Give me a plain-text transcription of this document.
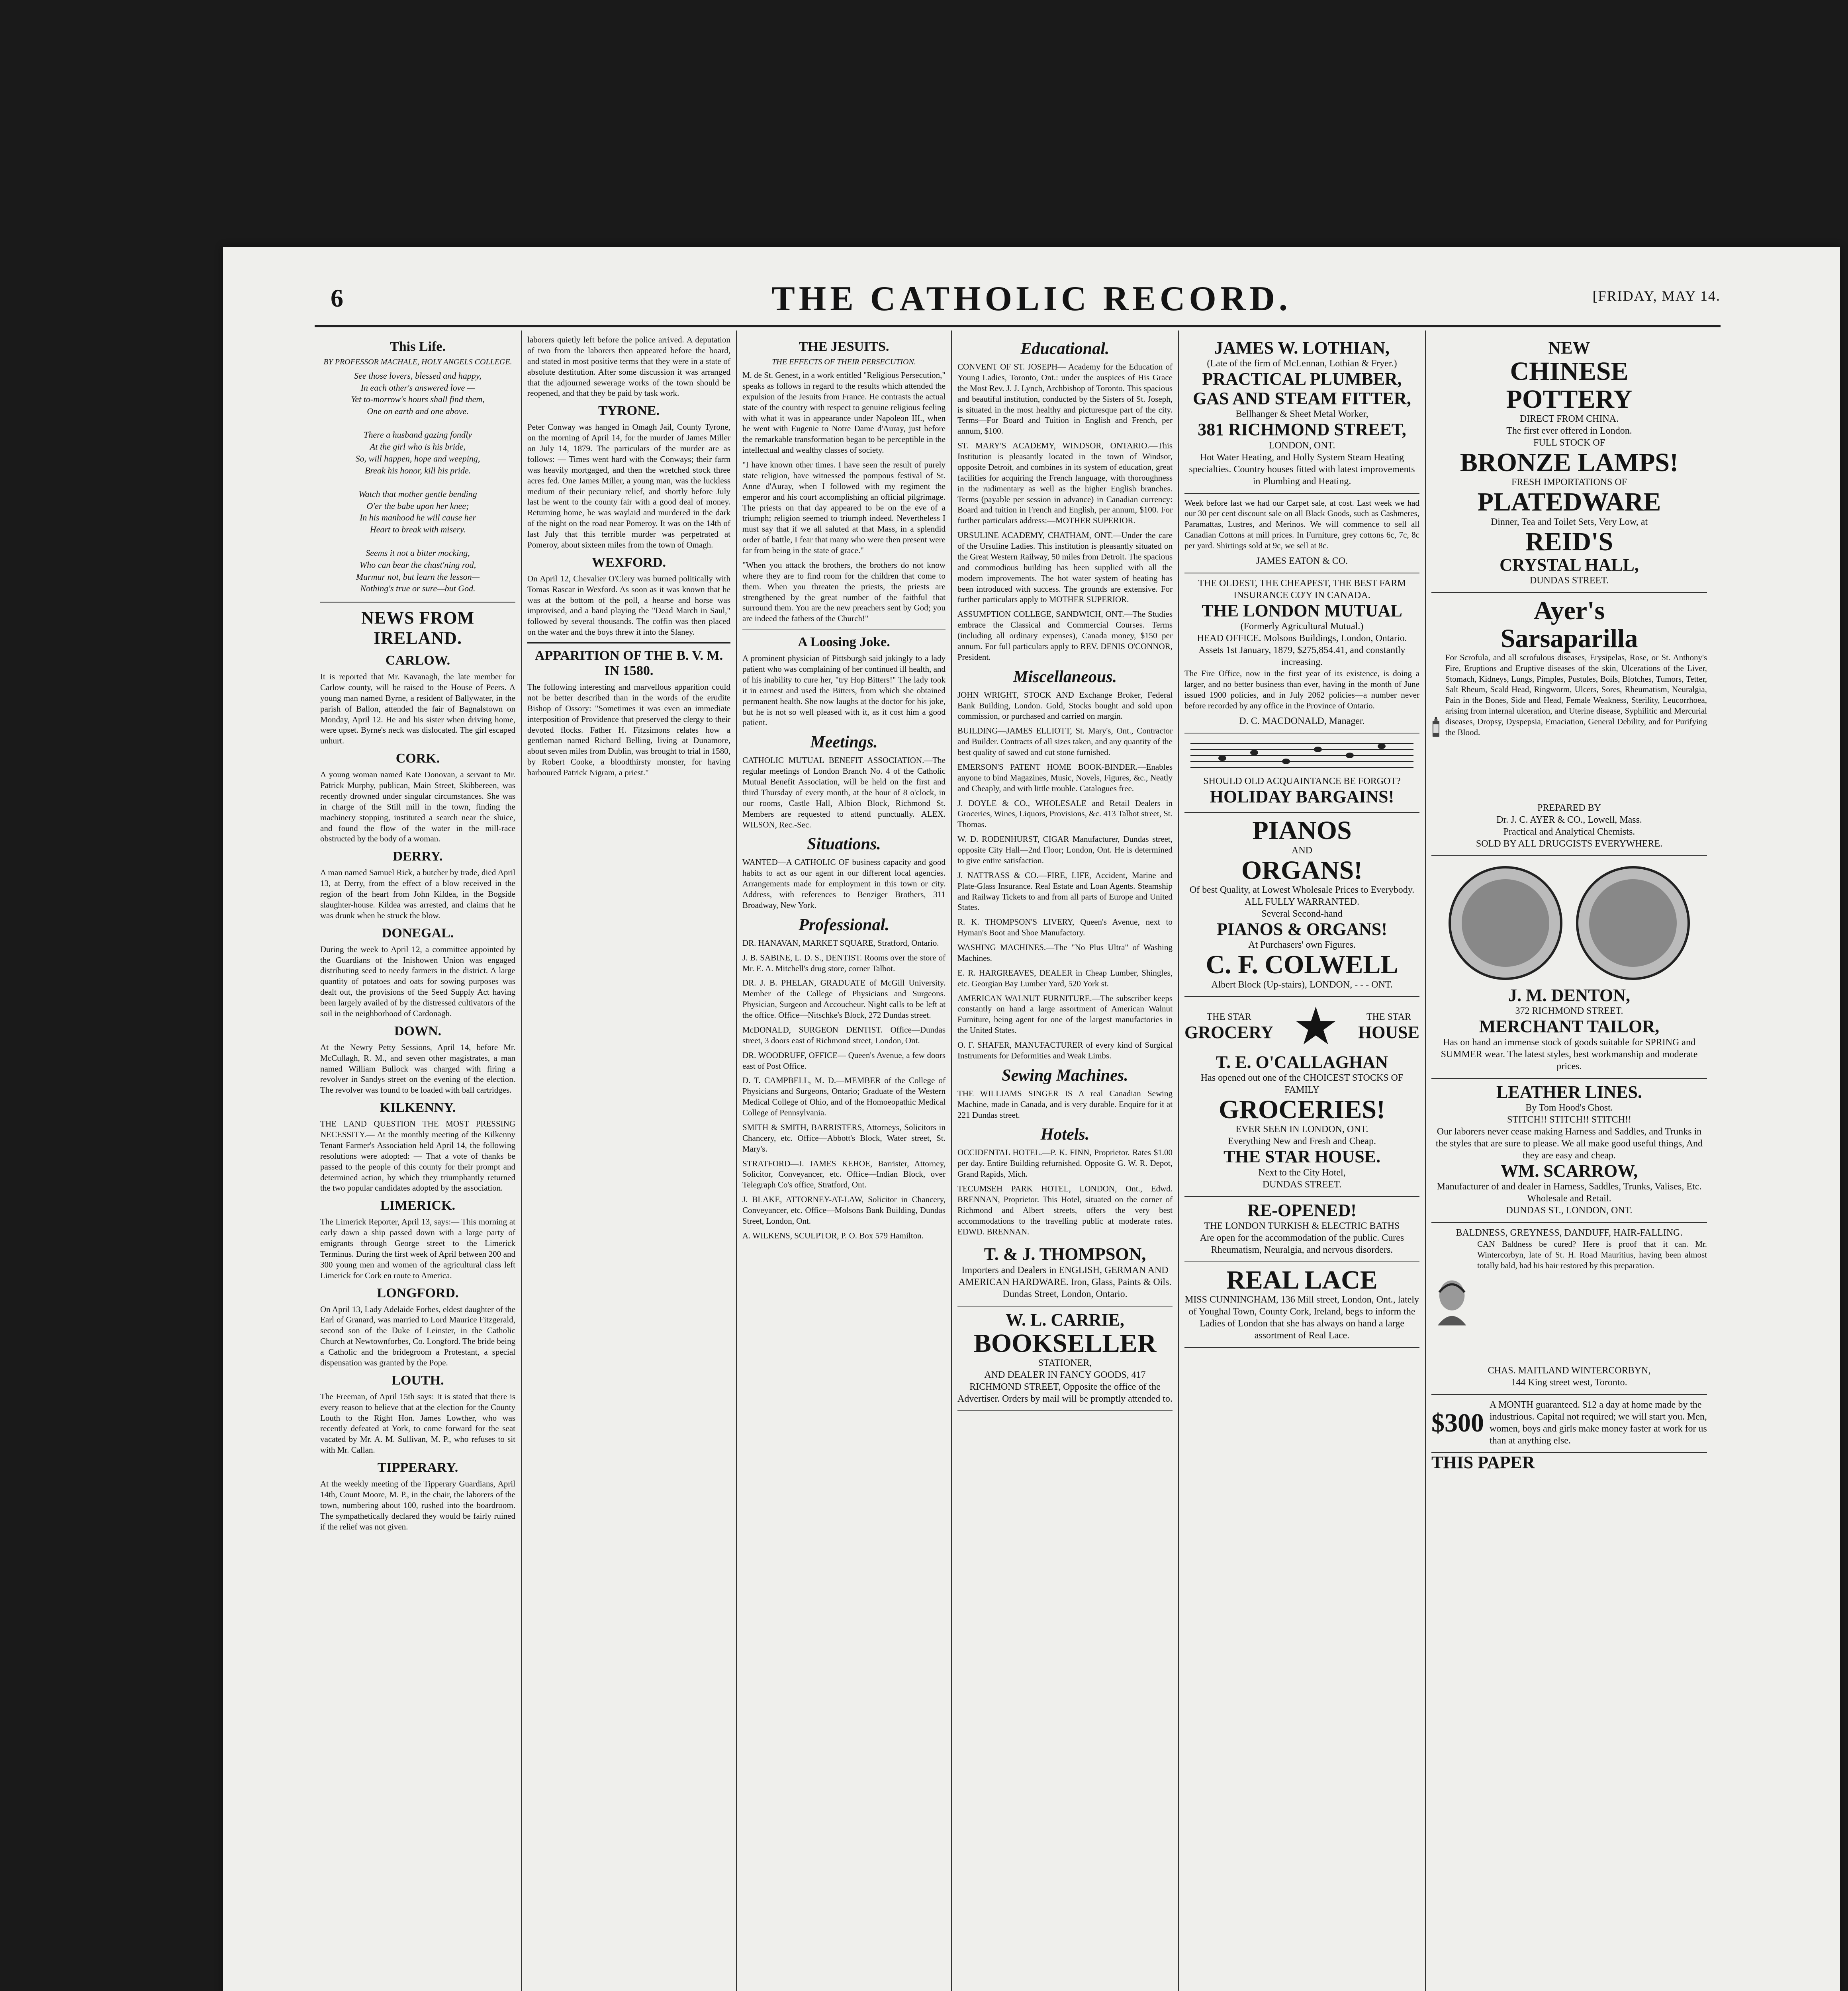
6	THE CATHOLIC RECORD.	[FRIDAY, MAY 14.
This Life.
BY PROFESSOR MACHALE, HOLY ANGELS COLLEGE.
See those lovers, blessed and happy,
In each other's answered love —
Yet to-morrow's hours shall find them,
One on earth and one above.

There a husband gazing fondly
At the girl who is his bride,
So, will happen, hope and weeping,
Break his honor, kill his pride.

Watch that mother gentle bending
O'er the babe upon her knee;
In his manhood he will cause her
Heart to break with misery.

Seems it not a bitter mocking,
Who can bear the chast'ning rod,
Murmur not, but learn the lesson—
Nothing's true or sure—but God.
NEWS FROM IRELAND.
CARLOW.

It is reported that Mr. Kavanagh, the late member for Carlow county, will be raised to the House of Peers. A young man named Byrne, a resident of Ballywater, in the parish of Ballon, attended the fair of Bagnalstown on Monday, April 12. He and his sister when driving home, were upset. Byrne's neck was dislocated. The girl escaped unhurt.

CORK.

A young woman named Kate Donovan, a servant to Mr. Patrick Murphy, publican, Main Street, Skibbereen, was recently drowned under singular circumstances. She was in charge of the Still mill in the town, finding the machinery stopping, instituted a search near the sluice, and found the flow of the water in the mill-race obstructed by the body of a woman.

DERRY.

A man named Samuel Rick, a butcher by trade, died April 13, at Derry, from the effect of a blow received in the region of the heart from John Kildea, in the Bogside slaughter-house. Kildea was arrested, and claims that he was drunk when he struck the blow.

DONEGAL.

During the week to April 12, a committee appointed by the Guardians of the Inishowen Union was engaged distributing seed to needy farmers in the district. A large quantity of potatoes and oats for sowing purposes was dealt out, the provisions of the Seed Supply Act having been largely availed of by the distressed cultivators of the soil in the neighborhood of Cardonagh.

DOWN.

At the Newry Petty Sessions, April 14, before Mr. McCullagh, R. M., and seven other magistrates, a man named William Bullock was charged with firing a revolver in Sandys street on the evening of the election. The revolver was found to be loaded with ball cartridges.

KILKENNY.

THE LAND QUESTION THE MOST PRESSING NECESSITY.— At the monthly meeting of the Kilkenny Tenant Farmer's Association held April 14, the following resolutions were adopted: — That a vote of thanks be passed to the people of this county for their prompt and determined action, by which they triumphantly returned the two popular candidates adopted by the association.

LIMERICK.

The Limerick Reporter, April 13, says:— This morning at early dawn a ship passed down with a large party of emigrants through George street to the Limerick Terminus. During the first week of April between 200 and 300 young men and women of the agricultural class left Limerick for Cork en route to America.

LONGFORD.

On April 13, Lady Adelaide Forbes, eldest daughter of the Earl of Granard, was married to Lord Maurice Fitzgerald, second son of the Duke of Leinster, in the Catholic Church at Newtownforbes, Co. Longford. The bride being a Catholic and the bridegroom a Protestant, a special dispensation was granted by the Pope.

LOUTH.

The Freeman, of April 15th says: It is stated that there is every reason to believe that at the election for the County Louth to the Right Hon. James Lowther, who was recently defeated at York, to come forward for the seat vacated by Mr. A. M. Sullivan, M. P., who refuses to sit with Mr. Callan.

TIPPERARY.

At the weekly meeting of the Tipperary Guardians, April 14th, Count Moore, M. P., in the chair, the laborers of the town, numbering about 100, rushed into the boardroom. The sympathetically declared they would be fairly ruined if the relief was not given.

laborers quietly left before the police arrived. A deputation of two from the laborers then appeared before the board, and stated in most positive terms that they were in a state of absolute destitution. After some discussion it was arranged that the adjourned sewerage works of the town should be reopened, and that they be paid by task work.

TYRONE.

Peter Conway was hanged in Omagh Jail, County Tyrone, on the morning of April 14, for the murder of James Miller on July 14, 1879. The particulars of the murder are as follows: — Times went hard with the Conways; their farm was heavily mortgaged, and then the wretched stock three acres fed. One James Miller, a young man, was the luckless medium of their pecuniary relief, and shortly before July last he went to the county fair with a good deal of money. Returning home, he was waylaid and murdered in the dark of the night on the road near Pomeroy. It was on the 14th of last July that this terrible murder was perpetrated at Pomeroy, about sixteen miles from the town of Omagh.

WEXFORD.

On April 12, Chevalier O'Clery was burned politically with Tomas Rascar in Wexford. As soon as it was known that he was at the bottom of the poll, a hearse and horse was improvised, and a band playing the "Dead March in Saul," followed by several thousands. The coffin was then placed on the water and the boys threw it into the Slaney.

APPARITION OF THE B. V. M. IN 1580.

The following interesting and marvellous apparition could not be better described than in the words of the erudite Bishop of Ossory: "Sometimes it was even an immediate interposition of Providence that preserved the clergy to their devoted flocks. Father H. Fitzsimons relates how a gentleman named Richard Belling, living at Dunamore, about seven miles from Dublin, was brought to trial in 1580, by Robert Cooke, a bloodthirsty monster, for having harboured Patrick Nigram, a priest."

THE JESUITS.
THE EFFECTS OF THEIR PERSECUTION.

M. de St. Genest, in a work entitled "Religious Persecution," speaks as follows in regard to the results which attended the expulsion of the Jesuits from France. He contrasts the actual state of the country with respect to genuine religious feeling with what it was in appearance under Napoleon III., when he went with Eugenie to Notre Dame d'Auray, just before the remarkable transformation began to be perceptible in the intellectual and wealthy classes of society.

"I have known other times. I have seen the result of purely state religion, have witnessed the pompous festival of St. Anne d'Auray, when I followed with my regiment the emperor and his court accomplishing an official pilgrimage. The priests on that day appeared to be on the eve of a triumph; religion seemed to triumph indeed. Nevertheless I must say that if we all saluted at that Mass, in a splendid order of battle, I fear that many who were then present were far from being in the state of grace."

"When you attack the brothers, the brothers do not know where they are to find room for the children that come to them. When you threaten the priests, the priests are strengthened by the great number of the faithful that surround them. You are the new preachers sent by God; you are indeed the fathers of the Church!"

A Loosing Joke.

A prominent physician of Pittsburgh said jokingly to a lady patient who was complaining of her continued ill health, and of his inability to cure her, "try Hop Bitters!" The lady took it in earnest and used the Bitters, from which she obtained permanent health. She now laughs at the doctor for his joke, but he is not so well pleased with it, as it cost him a good patient.

Meetings.

CATHOLIC MUTUAL BENEFIT ASSOCIATION.—The regular meetings of London Branch No. 4 of the Catholic Mutual Benefit Association, will be held on the first and third Thursday of every month, at the hour of 8 o'clock, in our rooms, Castle Hall, Albion Block, Richmond St. Members are requested to attend punctually. ALEX. WILSON, Rec.-Sec.

Situations.

WANTED—A CATHOLIC OF business capacity and good habits to act as our agent in our different local agencies. Arrangements made for employment in this town or city. Address, with references to Benziger Brothers, 311 Broadway, New York.

Professional.

DR. HANAVAN, MARKET SQUARE, Stratford, Ontario.

J. B. SABINE, L. D. S., DENTIST. Rooms over the store of Mr. E. A. Mitchell's drug store, corner Talbot.

DR. J. B. PHELAN, GRADUATE of McGill University. Member of the College of Physicians and Surgeons. Physician, Surgeon and Accoucheur. Night calls to be left at the office. Office—Nitschke's Block, 272 Dundas street.

McDONALD, SURGEON DENTIST. Office—Dundas street, 3 doors east of Richmond street, London, Ont.

DR. WOODRUFF, OFFICE— Queen's Avenue, a few doors east of Post Office.

D. T. CAMPBELL, M. D.—MEMBER of the College of Physicians and Surgeons, Ontario; Graduate of the Western Medical College of Ohio, and of the Homoeopathic Medical College of Pennsylvania.

SMITH & SMITH, BARRISTERS, Attorneys, Solicitors in Chancery, etc. Office—Abbott's Block, Water street, St. Mary's.

STRATFORD—J. JAMES KEHOE, Barrister, Attorney, Solicitor, Conveyancer, etc. Office—Indian Block, over Telegraph Co's office, Stratford, Ont.

J. BLAKE, ATTORNEY-AT-LAW, Solicitor in Chancery, Conveyancer, etc. Office—Molsons Bank Building, Dundas Street, London, Ont.

A. WILKENS, SCULPTOR, P. O. Box 579 Hamilton.

Educational.

CONVENT OF ST. JOSEPH— Academy for the Education of Young Ladies, Toronto, Ont.: under the auspices of His Grace the Most Rev. J. J. Lynch, Archbishop of Toronto. This spacious and beautiful institution, conducted by the Sisters of St. Joseph, is situated in the most healthy and picturesque part of the city. Terms—For Board and Tuition in English and French, per annum, $100.

ST. MARY'S ACADEMY, WINDSOR, ONTARIO.—This Institution is pleasantly located in the town of Windsor, opposite Detroit, and combines in its system of education, great facilities for acquiring the French language, with thoroughness in the rudimentary as well as the higher English branches. Terms (payable per session in advance) in Canadian currency: Board and tuition in French and English, per annum, $100. For further particulars address:—MOTHER SUPERIOR.

URSULINE ACADEMY, CHATHAM, ONT.—Under the care of the Ursuline Ladies. This institution is pleasantly situated on the Great Western Railway, 50 miles from Detroit. The spacious and commodious building has been supplied with all the modern improvements. The hot water system of heating has been introduced with success. The grounds are extensive. For further particulars apply to MOTHER SUPERIOR.

ASSUMPTION COLLEGE, SANDWICH, ONT.—The Studies embrace the Classical and Commercial Courses. Terms (including all ordinary expenses), Canada money, $150 per annum. For full particulars apply to REV. DENIS O'CONNOR, President.

Miscellaneous.

JOHN WRIGHT, STOCK AND Exchange Broker, Federal Bank Building, London. Gold, Stocks bought and sold upon commission, or purchased and carried on margin.

BUILDING—JAMES ELLIOTT, St. Mary's, Ont., Contractor and Builder. Contracts of all sizes taken, and any quantity of the best quality of sawed and cut stone furnished.

EMERSON'S PATENT HOME BOOK-BINDER.—Enables anyone to bind Magazines, Music, Novels, Figures, &c., Neatly and Cheaply, and with little trouble. Catalogues free.

J. DOYLE & CO., WHOLESALE and Retail Dealers in Groceries, Wines, Liquors, Provisions, &c. 413 Talbot street, St. Thomas.

W. D. RODENHURST, CIGAR Manufacturer, Dundas street, opposite City Hall—2nd Floor; London, Ont. He is determined to give entire satisfaction.

J. NATTRASS & CO.—FIRE, LIFE, Accident, Marine and Plate-Glass Insurance. Real Estate and Loan Agents. Steamship and Railway Tickets to and from all parts of Europe and United States.

R. K. THOMPSON'S LIVERY, Queen's Avenue, next to Hyman's Boot and Shoe Manufactory.

WASHING MACHINES.—The "No Plus Ultra" of Washing Machines.

E. R. HARGREAVES, DEALER in Cheap Lumber, Shingles, etc. Georgian Bay Lumber Yard, 520 York st.

AMERICAN WALNUT FURNITURE.—The subscriber keeps constantly on hand a large assortment of American Walnut Furniture, being agent for one of the largest manufactories in the United States.

O. F. SHAFER, MANUFACTURER of every kind of Surgical Instruments for Deformities and Weak Limbs.

Sewing Machines.

THE WILLIAMS SINGER IS A real Canadian Sewing Machine, made in Canada, and is very durable. Enquire for it at 221 Dundas street.

Hotels.

OCCIDENTAL HOTEL.—P. K. FINN, Proprietor. Rates $1.00 per day. Entire Building refurnished. Opposite G. W. R. Depot, Grand Rapids, Mich.

TECUMSEH PARK HOTEL, LONDON, Ont., Edwd. BRENNAN, Proprietor. This Hotel, situated on the corner of Richmond and Albert streets, offers the very best accommodations to the travelling public at moderate rates. EDWD. BRENNAN.

T. & J. THOMPSON,
Importers and Dealers in ENGLISH, GERMAN AND AMERICAN HARDWARE. Iron, Glass, Paints & Oils. Dundas Street, London, Ontario.
W. L. CARRIE,
BOOKSELLER
STATIONER,
AND DEALER IN FANCY GOODS, 417 RICHMOND STREET, Opposite the office of the Advertiser. Orders by mail will be promptly attended to.
JAMES W. LOTHIAN,
(Late of the firm of McLennan, Lothian & Fryer.)
PRACTICAL PLUMBER, GAS AND STEAM FITTER,
Bellhanger & Sheet Metal Worker,
381 RICHMOND STREET,
LONDON, ONT.
Hot Water Heating, and Holly System Steam Heating specialties. Country houses fitted with latest improvements in Plumbing and Heating.

Week before last we had our Carpet sale, at cost. Last week we had our 30 per cent discount sale on all Black Goods, such as Cashmeres, Paramattas, Lustres, and Merinos. We will commence to sell all Canadian Cottons at mill prices. In Furniture, grey cottons 6c, 7c, 8c per yard. Shirtings sold at 9c, we sell at 8c.

JAMES EATON & CO.
THE OLDEST, THE CHEAPEST, THE BEST FARM INSURANCE CO'Y IN CANADA.
THE LONDON MUTUAL
(Formerly Agricultural Mutual.)
HEAD OFFICE. Molsons Buildings, London, Ontario.
Assets 1st January, 1879, $275,854.41, and constantly increasing.

The Fire Office, now in the first year of its existence, is doing a larger, and no better business than ever, having in the month of June issued 1900 policies, and in July 2062 policies—a number never before recorded by any office in the Province of Ontario.

D. C. MACDONALD, Manager.
SHOULD OLD ACQUAINTANCE BE FORGOT?
HOLIDAY BARGAINS!
PIANOS
AND
ORGANS!
Of best Quality, at Lowest Wholesale Prices to Everybody.
ALL FULLY WARRANTED.
Several Second-hand
PIANOS & ORGANS!
At Purchasers' own Figures.
C. F. COLWELL
Albert Block (Up-stairs), LONDON, - - - ONT.
THE STAR
GROCERY ★	THE STAR
HOUSE
T. E. O'CALLAGHAN
Has opened out one of the CHOICEST STOCKS OF FAMILY
GROCERIES!
EVER SEEN IN LONDON, ONT.
Everything New and Fresh and Cheap.
THE STAR HOUSE.
Next to the City Hotel,
DUNDAS STREET.
RE-OPENED!
THE LONDON TURKISH & ELECTRIC BATHS
Are open for the accommodation of the public. Cures Rheumatism, Neuralgia, and nervous disorders.
REAL LACE
MISS CUNNINGHAM, 136 Mill street, London, Ont., lately of Youghal Town, County Cork, Ireland, begs to inform the Ladies of London that she has always on hand a large assortment of Real Lace.
NEW
CHINESE
POTTERY
DIRECT FROM CHINA.
The first ever offered in London.
FULL STOCK OF
BRONZE LAMPS!
FRESH IMPORTATIONS OF
PLATEDWARE
Dinner, Tea and Toilet Sets, Very Low, at
REID'S
CRYSTAL HALL,
DUNDAS STREET.
Ayer's
Sarsaparilla

For Scrofula, and all scrofulous diseases, Erysipelas, Rose, or St. Anthony's Fire, Eruptions and Eruptive diseases of the skin, Ulcerations of the Liver, Stomach, Kidneys, Lungs, Pimples, Pustules, Boils, Blotches, Tumors, Tetter, Salt Rheum, Scald Head, Ringworm, Ulcers, Sores, Rheumatism, Neuralgia, Pain in the Bones, Side and Head, Female Weakness, Sterility, Leucorrhoea, arising from internal ulceration, and Uterine disease, Syphilitic and Mercurial diseases, Dropsy, Dyspepsia, Emaciation, General Debility, and for Purifying the Blood.

PREPARED BY
Dr. J. C. AYER & CO., Lowell, Mass.
Practical and Analytical Chemists.
SOLD BY ALL DRUGGISTS EVERYWHERE.
J. M. DENTON,
372 RICHMOND STREET.
MERCHANT TAILOR,
Has on hand an immense stock of goods suitable for SPRING and SUMMER wear. The latest styles, best workmanship and moderate prices.
LEATHER LINES.
By Tom Hood's Ghost.
STITCH!! STITCH!! STITCH!!
Our laborers never cease making Harness and Saddles, and Trunks in the styles that are sure to please. We all make good useful things, And they are easy and cheap.
WM. SCARROW,
Manufacturer of and dealer in Harness, Saddles, Trunks, Valises, Etc. Wholesale and Retail.
DUNDAS ST., LONDON, ONT.
BALDNESS, GREYNESS, DANDUFF, HAIR-FALLING.

CAN Baldness be cured? Here is proof that it can. Mr. Wintercorbyn, late of St. H. Road Mauritius, having been almost totally bald, had his hair restored by this preparation.

CHAS. MAITLAND WINTERCORBYN,
144 King street west, Toronto.
$300
A MONTH guaranteed. $12 a day at home made by the industrious. Capital not required; we will start you. Men, women, boys and girls make money faster at work for us than at anything else.
THIS PAPER
